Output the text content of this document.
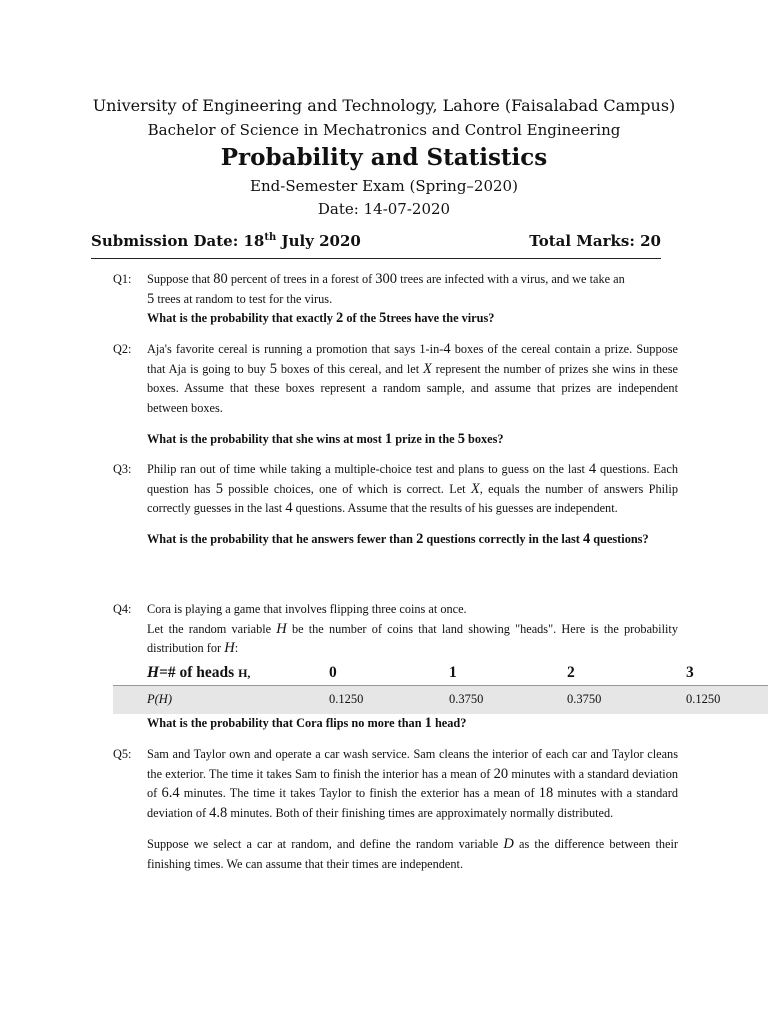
University of Engineering and Technology, Lahore (Faisalabad Campus)
Bachelor of Science in Mechatronics and Control Engineering
Probability and Statistics
End-Semester Exam (Spring–2020)
Date: 14-07-2020
Submission Date: 18th July 2020	Total Marks: 20
Q1:	Suppose that 80 percent of trees in a forest of 300 trees are infected with a virus, and we take an
5 trees at random to test for the virus.

What is the probability that exactly 2 of the 5trees have the virus?

Q2:	Aja's favorite cereal is running a promotion that says 1-in-4 boxes of the cereal contain a prize. Suppose that Aja is going to buy 5 boxes of this cereal, and let X represent the number of prizes she wins in these boxes. Assume that these boxes represent a random sample, and assume that prizes are independent between boxes.

What is the probability that she wins at most 1 prize in the 5 boxes?

Q3:	Philip ran out of time while taking a multiple-choice test and plans to guess on the last 4 questions. Each question has 5 possible choices, one of which is correct. Let X, equals the number of answers Philip correctly guesses in the last 4 questions. Assume that the results of his guesses are independent.

What is the probability that he answers fewer than 2 questions correctly in the last 4 questions?

Q4:	Cora is playing a game that involves flipping three coins at once.

Let the random variable H be the number of coins that land showing "heads". Here is the probability distribution for H:

H=# of heads H,	0	1	2	3
P(H)	0.1250	0.3750	0.3750	0.1250

What is the probability that Cora flips no more than 1 head?

Q5:	Sam and Taylor own and operate a car wash service. Sam cleans the interior of each car and Taylor cleans the exterior. The time it takes Sam to finish the interior has a mean of 20 minutes with a standard deviation of 6.4 minutes. The time it takes Taylor to finish the exterior has a mean of 18 minutes with a standard deviation of 4.8 minutes. Both of their finishing times are approximately normally distributed.

Suppose we select a car at random, and define the random variable D as the difference between their finishing times. We can assume that their times are independent.
